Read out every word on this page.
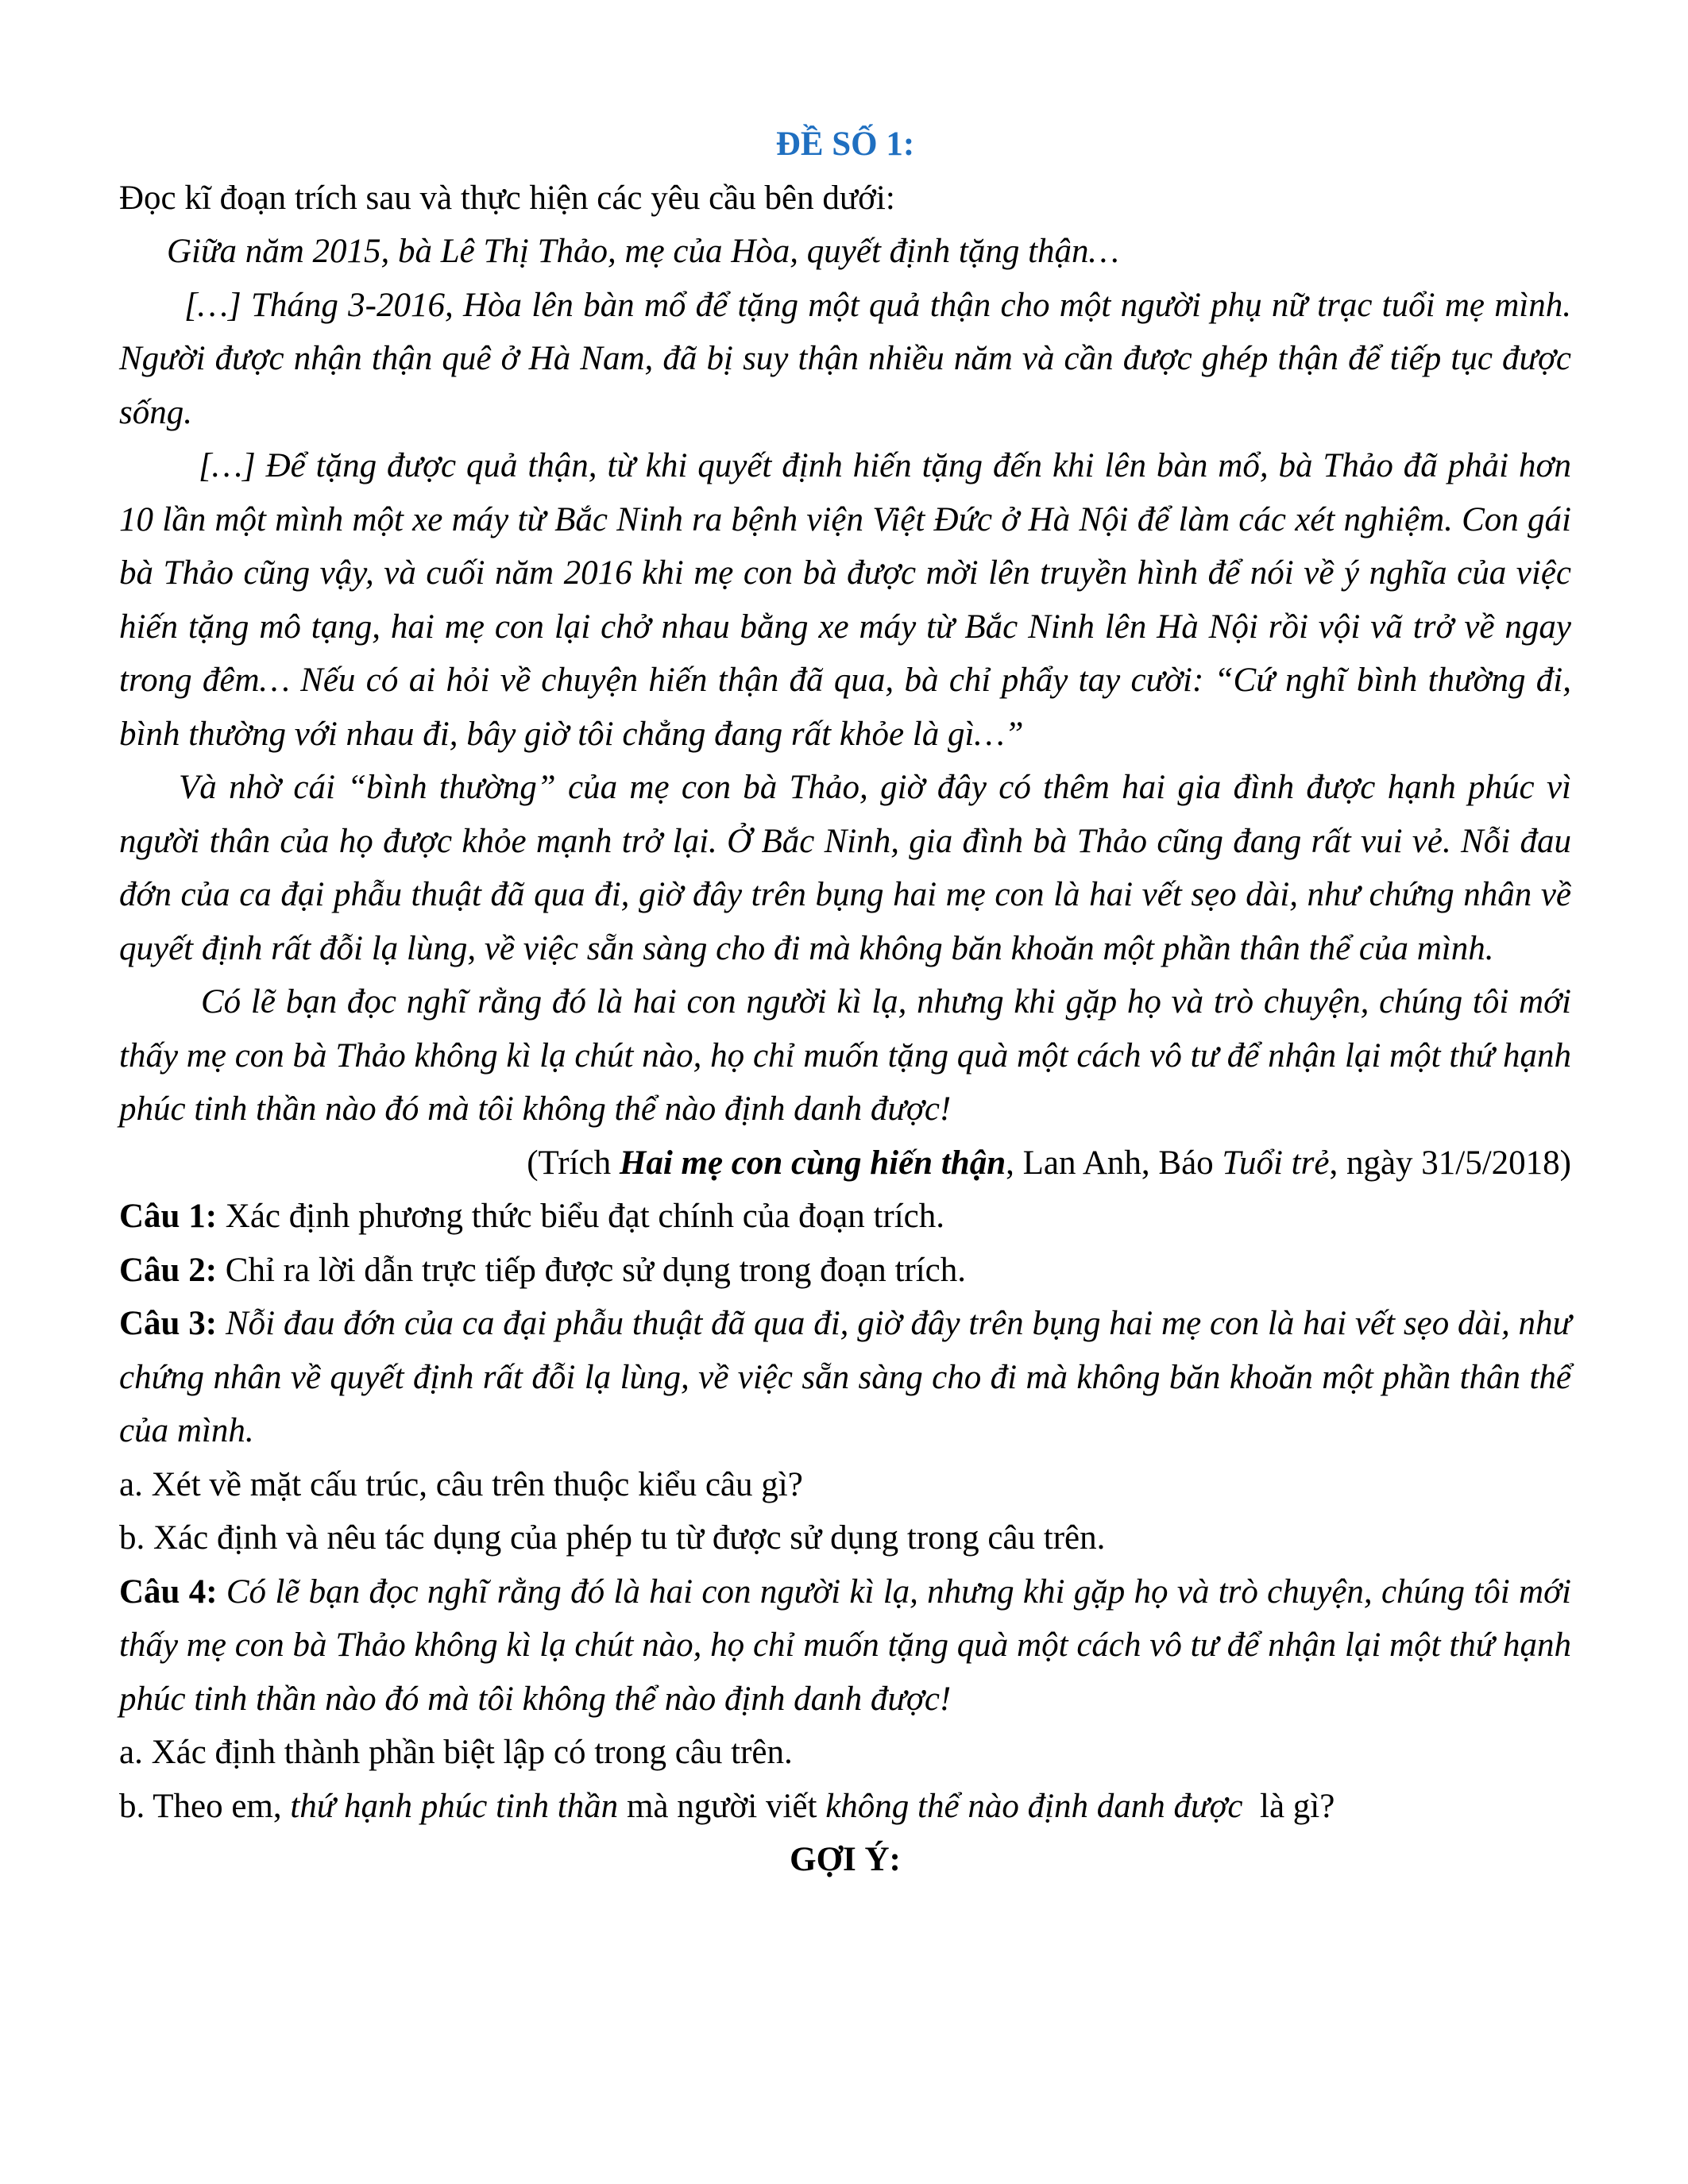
ĐỀ SỐ 1:

Đọc kĩ đoạn trích sau và thực hiện các yêu cầu bên dưới:

Giữa năm 2015, bà Lê Thị Thảo, mẹ của Hòa, quyết định tặng thận…

[…] Tháng 3-2016, Hòa lên bàn mổ để tặng một quả thận cho một người phụ nữ trạc tuổi mẹ mình. Người được nhận thận quê ở Hà Nam, đã bị suy thận nhiều năm và cần được ghép thận để tiếp tục được sống.

[…] Để tặng được quả thận, từ khi quyết định hiến tặng đến khi lên bàn mổ, bà Thảo đã phải hơn 10 lần một mình một xe máy từ Bắc Ninh ra bệnh viện Việt Đức ở Hà Nội để làm các xét nghiệm. Con gái bà Thảo cũng vậy, và cuối năm 2016 khi mẹ con bà được mời lên truyền hình để nói về ý nghĩa của việc hiến tặng mô tạng, hai mẹ con lại chở nhau bằng xe máy từ Bắc Ninh lên Hà Nội rồi vội vã trở về ngay trong đêm… Nếu có ai hỏi về chuyện hiến thận đã qua, bà chỉ phẩy tay cười: “Cứ nghĩ bình thường đi, bình thường với nhau đi, bây giờ tôi chẳng đang rất khỏe là gì…”

Và nhờ cái “bình thường” của mẹ con bà Thảo, giờ đây có thêm hai gia đình được hạnh phúc vì người thân của họ được khỏe mạnh trở lại. Ở Bắc Ninh, gia đình bà Thảo cũng đang rất vui vẻ. Nỗi đau đớn của ca đại phẫu thuật đã qua đi, giờ đây trên bụng hai mẹ con là hai vết sẹo dài, như chứng nhân về quyết định rất đỗi lạ lùng, về việc sẵn sàng cho đi mà không băn khoăn một phần thân thể của mình.

Có lẽ bạn đọc nghĩ rằng đó là hai con người kì lạ, nhưng khi gặp họ và trò chuyện, chúng tôi mới thấy mẹ con bà Thảo không kì lạ chút nào, họ chỉ muốn tặng quà một cách vô tư để nhận lại một thứ hạnh phúc tinh thần nào đó mà tôi không thể nào định danh được!

(Trích Hai mẹ con cùng hiến thận, Lan Anh, Báo Tuổi trẻ, ngày 31/5/2018)

Câu 1: Xác định phương thức biểu đạt chính của đoạn trích.

Câu 2: Chỉ ra lời dẫn trực tiếp được sử dụng trong đoạn trích.

Câu 3: Nỗi đau đớn của ca đại phẫu thuật đã qua đi, giờ đây trên bụng hai mẹ con là hai vết sẹo dài, như chứng nhân về quyết định rất đỗi lạ lùng, về việc sẵn sàng cho đi mà không băn khoăn một phần thân thể của mình.

a. Xét về mặt cấu trúc, câu trên thuộc kiểu câu gì?

b. Xác định và nêu tác dụng của phép tu từ được sử dụng trong câu trên.

Câu 4: Có lẽ bạn đọc nghĩ rằng đó là hai con người kì lạ, nhưng khi gặp họ và trò chuyện, chúng tôi mới thấy mẹ con bà Thảo không kì lạ chút nào, họ chỉ muốn tặng quà một cách vô tư để nhận lại một thứ hạnh phúc tinh thần nào đó mà tôi không thể nào định danh được!

a. Xác định thành phần biệt lập có trong câu trên.

b. Theo em, thứ hạnh phúc tinh thần mà người viết không thể nào định danh được  là gì?

GỢI Ý:
